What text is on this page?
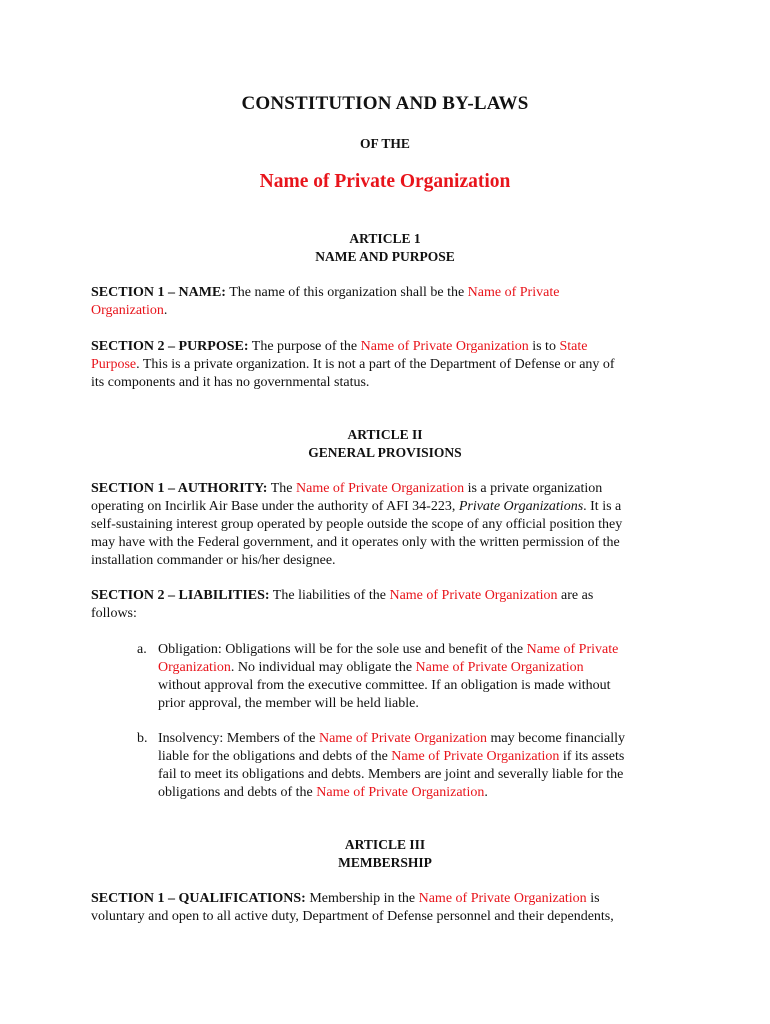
CONSTITUTION AND BY-LAWS
OF THE
Name of Private Organization
ARTICLE 1
NAME AND PURPOSE
SECTION 1 – NAME: The name of this organization shall be the Name of Private
Organization.
SECTION 2 – PURPOSE: The purpose of the Name of Private Organization is to State
Purpose. This is a private organization. It is not a part of the Department of Defense or any of
its components and it has no governmental status.
ARTICLE II
GENERAL PROVISIONS
SECTION 1 – AUTHORITY: The Name of Private Organization is a private organization
operating on Incirlik Air Base under the authority of AFI 34-223, Private Organizations. It is a
self-sustaining interest group operated by people outside the scope of any official position they
may have with the Federal government, and it operates only with the written permission of the
installation commander or his/her designee.
SECTION 2 – LIABILITIES: The liabilities of the Name of Private Organization are as
follows:
a. Obligation: Obligations will be for the sole use and benefit of the Name of Private
Organization. No individual may obligate the Name of Private Organization
without approval from the executive committee. If an obligation is made without
prior approval, the member will be held liable.
b. Insolvency: Members of the Name of Private Organization may become financially
liable for the obligations and debts of the Name of Private Organization if its assets
fail to meet its obligations and debts. Members are joint and severally liable for the
obligations and debts of the Name of Private Organization.
ARTICLE III
MEMBERSHIP
SECTION 1 – QUALIFICATIONS: Membership in the Name of Private Organization is
voluntary and open to all active duty, Department of Defense personnel and their dependents,
